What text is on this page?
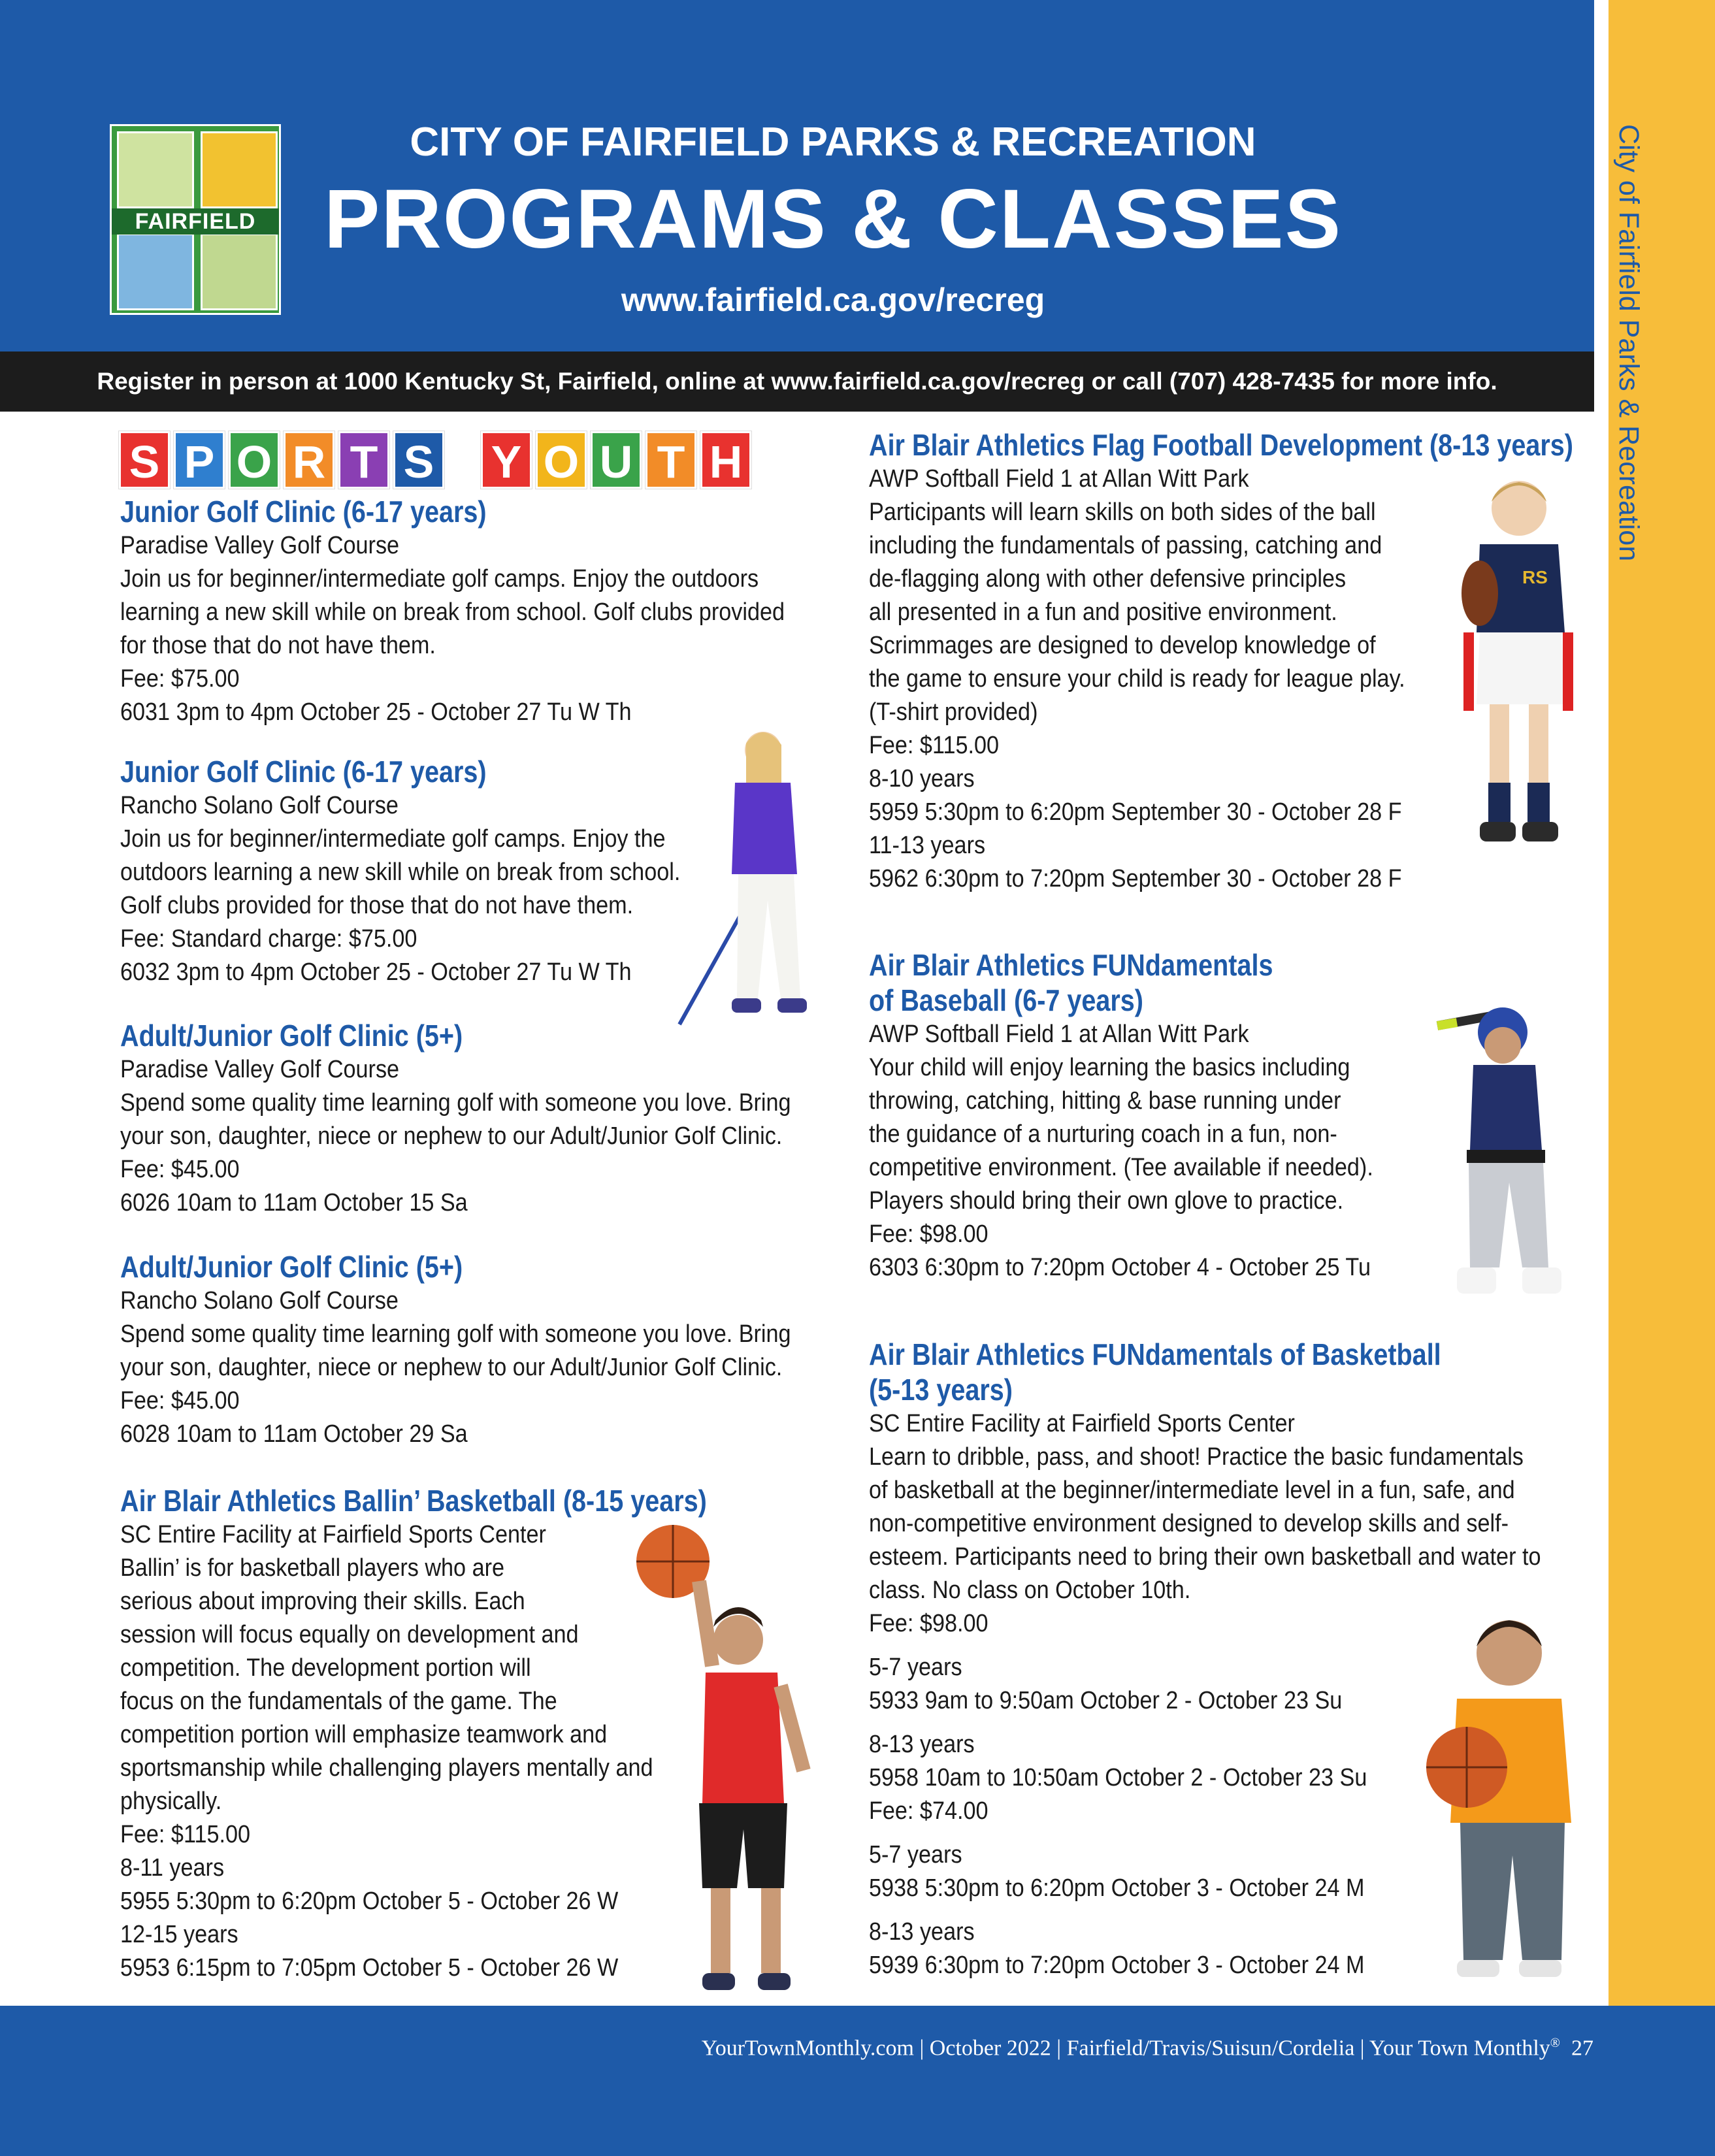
FAIRFIELD
CITY OF FAIRFIELD PARKS & RECREATION
PROGRAMS & CLASSES
www.fairfield.ca.gov/recreg
Register in person at 1000 Kentucky St, Fairfield, online at www.fairfield.ca.gov/recreg or call (707) 428-7435 for more info.	City of Fairfield Parks & Recreation
S P O R T S Y O U T H
Junior Golf Clinic (6-17 years)
Paradise Valley Golf Course
Join us for beginner/intermediate golf camps. Enjoy the outdoors
learning a new skill while on break from school. Golf clubs provided
for those that do not have them.
Fee: $75.00
6031 3pm to 4pm October 25 - October 27 Tu W Th
Junior Golf Clinic (6-17 years)
Rancho Solano Golf Course
Join us for beginner/intermediate golf camps. Enjoy the
outdoors learning a new skill while on break from school.
Golf clubs provided for those that do not have them.
Fee: Standard charge: $75.00
6032 3pm to 4pm October 25 - October 27 Tu W Th
Adult/Junior Golf Clinic (5+)
Paradise Valley Golf Course
Spend some quality time learning golf with someone you love. Bring
your son, daughter, niece or nephew to our Adult/Junior Golf Clinic.
Fee: $45.00
6026 10am to 11am October 15 Sa
Adult/Junior Golf Clinic (5+)
Rancho Solano Golf Course
Spend some quality time learning golf with someone you love. Bring
your son, daughter, niece or nephew to our Adult/Junior Golf Clinic.
Fee: $45.00
6028 10am to 11am October 29 Sa
Air Blair Athletics Ballin’ Basketball (8-15 years)
SC Entire Facility at Fairfield Sports Center
Ballin’ is for basketball players who are
serious about improving their skills. Each
session will focus equally on development and
competition. The development portion will
focus on the fundamentals of the game. The
competition portion will emphasize teamwork and
sportsmanship while challenging players mentally and
physically.
Fee: $115.00
8-11 years
5955 5:30pm to 6:20pm October 5 - October 26 W
12-15 years
5953 6:15pm to 7:05pm October 5 - October 26 W
Air Blair Athletics Flag Football Development (8-13 years)
AWP Softball Field 1 at Allan Witt Park
Participants will learn skills on both sides of the ball
including the fundamentals of passing, catching and
de-flagging along with other defensive principles
all presented in a fun and positive environment.
Scrimmages are designed to develop knowledge of
the game to ensure your child is ready for league play.
(T-shirt provided)
Fee: $115.00
8-10 years
5959 5:30pm to 6:20pm September 30 - October 28 F
11-13 years
5962 6:30pm to 7:20pm September 30 - October 28 F
Air Blair Athletics FUNdamentals
of Baseball (6-7 years)
AWP Softball Field 1 at Allan Witt Park
Your child will enjoy learning the basics including
throwing, catching, hitting & base running under
the guidance of a nurturing coach in a fun, non-
competitive environment. (Tee available if needed).
Players should bring their own glove to practice.
Fee: $98.00
6303 6:30pm to 7:20pm October 4 - October 25 Tu
Air Blair Athletics FUNdamentals of Basketball
(5-13 years)
SC Entire Facility at Fairfield Sports Center
Learn to dribble, pass, and shoot! Practice the basic fundamentals
of basketball at the beginner/intermediate level in a fun, safe, and
non-competitive environment designed to develop skills and self-
esteem. Participants need to bring their own basketball and water to
class. No class on October 10th.
Fee: $98.00
5-7 years
5933 9am to 9:50am October 2 - October 23 Su
8-13 years
5958 10am to 10:50am October 2 - October 23 Su
Fee: $74.00
5-7 years
5938 5:30pm to 6:20pm October 3 - October 24 M
8-13 years
5939 6:30pm to 7:20pm October 3 - October 24 M
RS
YourTownMonthly.com | October 2022 | Fairfield/Travis/Suisun/Cordelia | Your Town Monthly® 27
